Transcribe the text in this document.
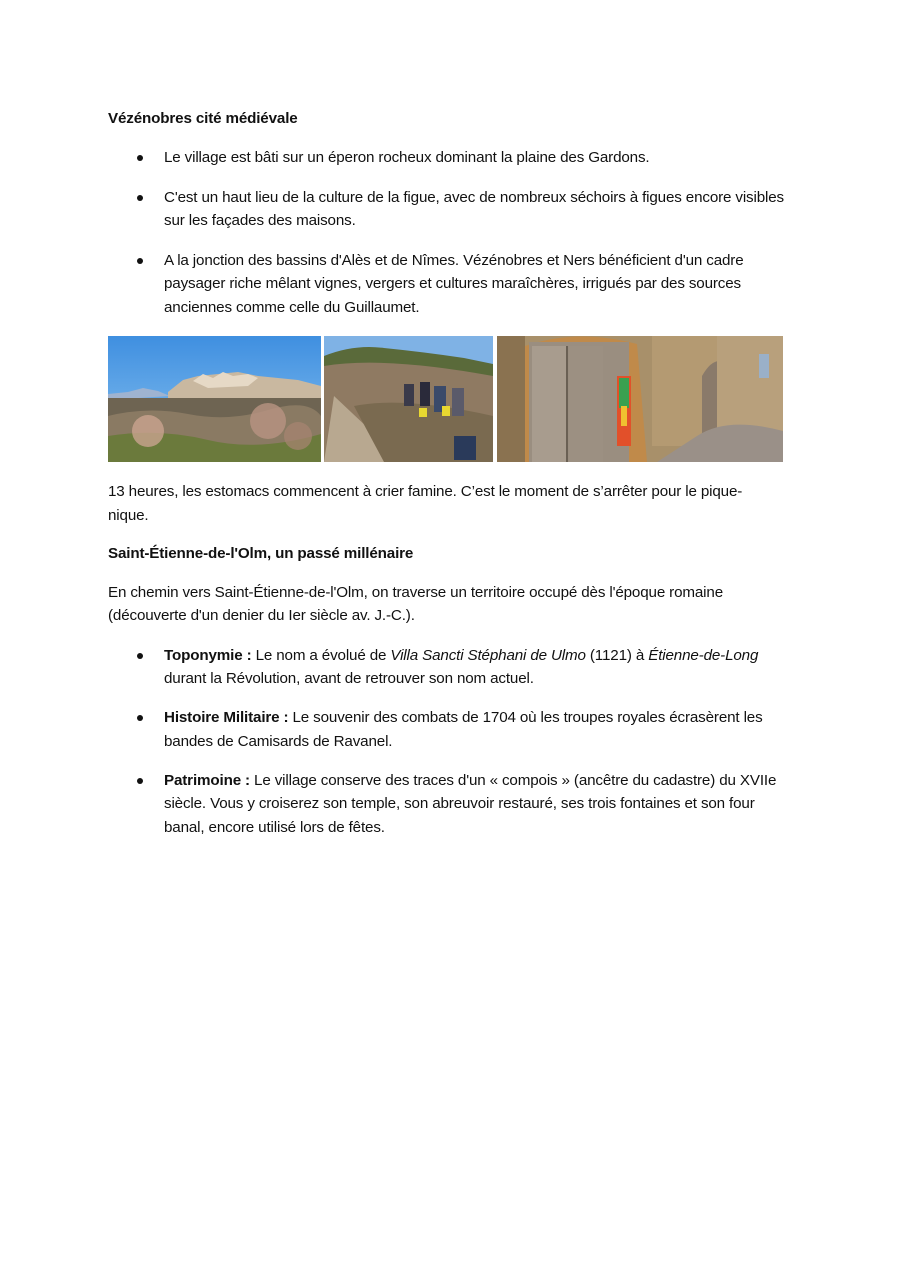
Vézénobres cité médiévale
Le village est bâti sur un éperon rocheux dominant la plaine des Gardons.
C'est un haut lieu de la culture de la figue, avec de nombreux séchoirs à figues encore visibles
sur les façades des maisons.
A la jonction des bassins d'Alès et de Nîmes. Vézénobres et Ners bénéficient d'un cadre
paysager riche mêlant vignes, vergers et cultures maraîchères, irrigués par des sources
anciennes comme celle du Guillaumet.
13 heures, les estomacs commencent à crier famine. C’est le moment de s’arrêter pour le pique-
nique.
Saint-Étienne-de-l'Olm, un passé millénaire
En chemin vers Saint-Étienne-de-l'Olm, on traverse un territoire occupé dès l'époque romaine
(découverte d'un denier du Ier siècle av. J.-C.).
Toponymie : Le nom a évolué de Villa Sancti Stéphani de Ulmo (1121) à Étienne-de-Long
durant la Révolution, avant de retrouver son nom actuel.
Histoire Militaire : Le souvenir des combats de 1704 où les troupes royales écrasèrent les
bandes de Camisards de Ravanel.
Patrimoine : Le village conserve des traces d'un « compois » (ancêtre du cadastre) du XVIIe
siècle. Vous y croiserez son temple, son abreuvoir restauré, ses trois fontaines et son four
banal, encore utilisé lors de fêtes.
